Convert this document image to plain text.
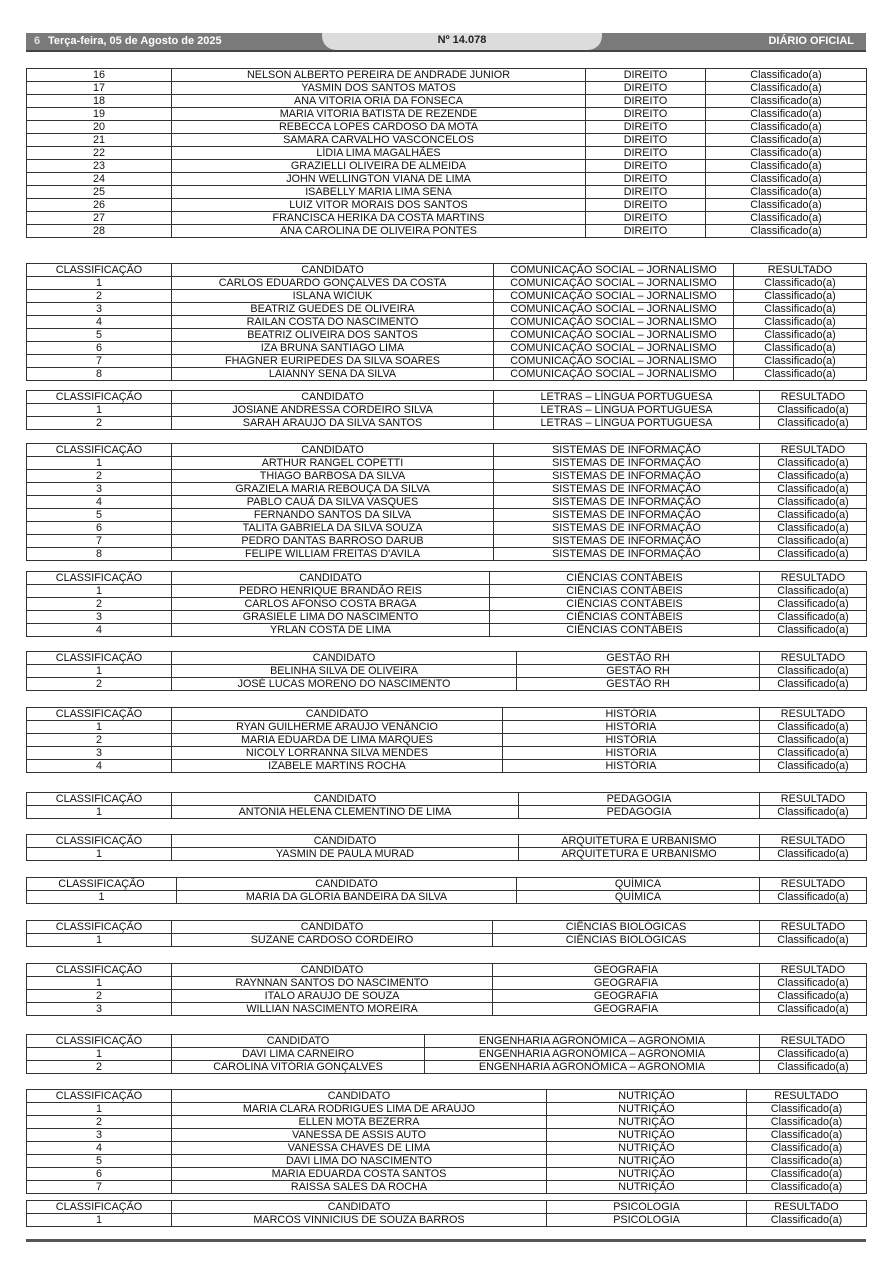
6 Terça-feira, 05 de Agosto de 2025	Nº 14.078	DIÁRIO OFICIAL
16	NELSON ALBERTO PEREIRA DE ANDRADE JUNIOR	DIREITO	Classificado(a)
17	YASMIN DOS SANTOS MATOS	DIREITO	Classificado(a)
18	ANA VITORIA ORIÁ DA FONSECA	DIREITO	Classificado(a)
19	MARIA VITORIA BATISTA DE REZENDE	DIREITO	Classificado(a)
20	REBECCA LOPES CARDOSO DA MOTA	DIREITO	Classificado(a)
21	SAMARA CARVALHO VASCONCELOS	DIREITO	Classificado(a)
22	LÍDIA LIMA MAGALHÃES	DIREITO	Classificado(a)
23	GRAZIELLI OLIVEIRA DE ALMEIDA	DIREITO	Classificado(a)
24	JOHN WELLINGTON VIANA DE LIMA	DIREITO	Classificado(a)
25	ISABELLY MARIA LIMA SENA	DIREITO	Classificado(a)
26	LUIZ VITOR MORAIS DOS SANTOS	DIREITO	Classificado(a)
27	FRANCISCA HERIKA DA COSTA MARTINS	DIREITO	Classificado(a)
28	ANA CAROLINA DE OLIVEIRA PONTES	DIREITO	Classificado(a)
CLASSIFICAÇÃO	CANDIDATO	COMUNICAÇÃO SOCIAL – JORNALISMO	RESULTADO
1	CARLOS EDUARDO GONÇALVES DA COSTA	COMUNICAÇÃO SOCIAL – JORNALISMO	Classificado(a)
2	ISLANA WICIUK	COMUNICAÇÃO SOCIAL – JORNALISMO	Classificado(a)
3	BEATRIZ GUEDES DE OLIVEIRA	COMUNICAÇÃO SOCIAL – JORNALISMO	Classificado(a)
4	RAILAN COSTA DO NASCIMENTO	COMUNICAÇÃO SOCIAL – JORNALISMO	Classificado(a)
5	BEATRIZ OLIVEIRA DOS SANTOS	COMUNICAÇÃO SOCIAL – JORNALISMO	Classificado(a)
6	IZA BRUNA SANTIAGO LIMA	COMUNICAÇÃO SOCIAL – JORNALISMO	Classificado(a)
7	FHAGNER EURIPEDES DA SILVA SOARES	COMUNICAÇÃO SOCIAL – JORNALISMO	Classificado(a)
8	LAIANNY SENA DA SILVA	COMUNICAÇÃO SOCIAL – JORNALISMO	Classificado(a)
CLASSIFICAÇÃO	CANDIDATO	LETRAS – LÍNGUA PORTUGUESA	RESULTADO
1	JOSIANE ANDRESSA CORDEIRO SILVA	LETRAS – LÍNGUA PORTUGUESA	Classificado(a)
2	SARAH ARAUJO DA SILVA SANTOS	LETRAS – LÍNGUA PORTUGUESA	Classificado(a)
CLASSIFICAÇÃO	CANDIDATO	SISTEMAS DE INFORMAÇÃO	RESULTADO
1	ARTHUR RANGEL COPETTI	SISTEMAS DE INFORMAÇÃO	Classificado(a)
2	THIAGO BARBOSA DA SILVA	SISTEMAS DE INFORMAÇÃO	Classificado(a)
3	GRAZIELA MARIA REBOUÇA DA SILVA	SISTEMAS DE INFORMAÇÃO	Classificado(a)
4	PABLO CAUÃ DA SILVA VASQUES	SISTEMAS DE INFORMAÇÃO	Classificado(a)
5	FERNANDO SANTOS DA SILVA	SISTEMAS DE INFORMAÇÃO	Classificado(a)
6	TALITA GABRIELA DA SILVA SOUZA	SISTEMAS DE INFORMAÇÃO	Classificado(a)
7	PEDRO DANTAS BARROSO DARUB	SISTEMAS DE INFORMAÇÃO	Classificado(a)
8	FELIPE WILLIAM FREITAS D'AVILA	SISTEMAS DE INFORMAÇÃO	Classificado(a)
CLASSIFICAÇÃO	CANDIDATO	CIÊNCIAS CONTÁBEIS	RESULTADO
1	PEDRO HENRIQUE BRANDÃO REIS	CIÊNCIAS CONTÁBEIS	Classificado(a)
2	CARLOS AFONSO COSTA BRAGA	CIÊNCIAS CONTÁBEIS	Classificado(a)
3	GRASIELE LIMA DO NASCIMENTO	CIÊNCIAS CONTÁBEIS	Classificado(a)
4	YRLAN COSTA DE LIMA	CIÊNCIAS CONTÁBEIS	Classificado(a)
CLASSIFICAÇÃO	CANDIDATO	GESTÃO RH	RESULTADO
1	BELINHA SILVA DE OLIVEIRA	GESTÃO RH	Classificado(a)
2	JOSÉ LUCAS MORENO DO NASCIMENTO	GESTÃO RH	Classificado(a)
CLASSIFICAÇÃO	CANDIDATO	HISTÓRIA	RESULTADO
1	RYAN GUILHERME ARAÚJO VENÂNCIO	HISTÓRIA	Classificado(a)
2	MARIA EDUARDA DE LIMA MARQUES	HISTÓRIA	Classificado(a)
3	NICOLY LORRANNA SILVA MENDES	HISTÓRIA	Classificado(a)
4	IZABELE MARTINS ROCHA	HISTÓRIA	Classificado(a)
CLASSIFICAÇÃO	CANDIDATO	PEDAGOGIA	RESULTADO
1	ANTONIA HELENA CLEMENTINO DE LIMA	PEDAGOGIA	Classificado(a)
CLASSIFICAÇÃO	CANDIDATO	ARQUITETURA E URBANISMO	RESULTADO
1	YASMIN DE PAULA MURAD	ARQUITETURA E URBANISMO	Classificado(a)
CLASSIFICAÇÃO	CANDIDATO	QUÍMICA	RESULTADO
1	MARIA DA GLÓRIA BANDEIRA DA SILVA	QUÍMICA	Classificado(a)
CLASSIFICAÇÃO	CANDIDATO	CIÊNCIAS BIOLÓGICAS	RESULTADO
1	SUZANE CARDOSO CORDEIRO	CIÊNCIAS BIOLÓGICAS	Classificado(a)
CLASSIFICAÇÃO	CANDIDATO	GEOGRAFIA	RESULTADO
1	RAYNNAN SANTOS DO NASCIMENTO	GEOGRAFIA	Classificado(a)
2	ITALO ARAUJO DE SOUZA	GEOGRAFIA	Classificado(a)
3	WILLIAN NASCIMENTO MOREIRA	GEOGRAFIA	Classificado(a)
CLASSIFICAÇÃO	CANDIDATO	ENGENHARIA AGRONÔMICA – AGRONOMIA	RESULTADO
1	DAVI LIMA CARNEIRO	ENGENHARIA AGRONÔMICA – AGRONOMIA	Classificado(a)
2	CAROLINA VITÓRIA GONÇALVES	ENGENHARIA AGRONÔMICA – AGRONOMIA	Classificado(a)
CLASSIFICAÇÃO	CANDIDATO	NUTRIÇÃO	RESULTADO
1	MARIA CLARA RODRIGUES LIMA DE ARAÚJO	NUTRIÇÃO	Classificado(a)
2	ELLEN MOTA BEZERRA	NUTRIÇÃO	Classificado(a)
3	VANESSA DE ASSIS AUTO	NUTRIÇÃO	Classificado(a)
4	VANESSA CHAVES DE LIMA	NUTRIÇÃO	Classificado(a)
5	DAVI LIMA DO NASCIMENTO	NUTRIÇÃO	Classificado(a)
6	MARIA EDUARDA COSTA SANTOS	NUTRIÇÃO	Classificado(a)
7	RAISSA SALES DA ROCHA	NUTRIÇÃO	Classificado(a)
CLASSIFICAÇÃO	CANDIDATO	PSICOLOGIA	RESULTADO
1	MARCOS VINNICIUS DE SOUZA BARROS	PSICOLOGIA	Classificado(a)
